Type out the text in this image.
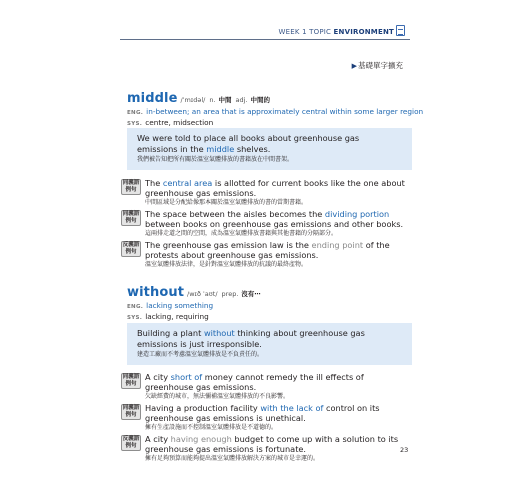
WEEK 1 TOPIC ENVIRONMENT
▶基礎單字擴充
middle /ˈmɪdəl/ n. 中間 adj. 中間的
ENG. in-between; an area that is approximately central within some larger region
SYS. centre, midsection
We were told to place all books about greenhouse gas emissions in the middle shelves.
我們被告知把所有關於溫室氣體排放的書籍放在中間書架。
同義語
例句
The central area is allotted for current books like the one about greenhouse gas emissions.
中間區域是分配給像那本關於溫室氣體排放的書的當期書籍。
同義語
例句
The space between the aisles becomes the dividing portion between books on greenhouse gas emissions and other books.
這兩排走道之間的空間，成為溫室氣體排放書籍與其他書籍的分隔部分。
反義語
例句
The greenhouse gas emission law is the ending point of the protests about greenhouse gas emissions.
溫室氣體排放法律，是針對溫室氣體排放的抗議的最終產物。
without /wɪð ˈaʊt/ prep. 沒有⋯
ENG. lacking something
SYS. lacking, requiring
Building a plant without thinking about greenhouse gas emissions is just irresponsible.
建造工廠而不考慮溫室氣體排放是不負責任的。
同義語
例句
A city short of money cannot remedy the ill effects of greenhouse gas emissions.
欠缺經費的城市，無法彌補溫室氣體排放的不良影響。
同義語
例句
Having a production facility with the lack of control on its greenhouse gas emissions is unethical.
擁有生產設施而不控制溫室氣體排放是不道德的。
反義語
例句
A city having enough budget to come up with a solution to its greenhouse gas emissions is fortunate.
擁有足夠預算而能夠提出溫室氣體排放解決方案的城市是幸運的。
23
